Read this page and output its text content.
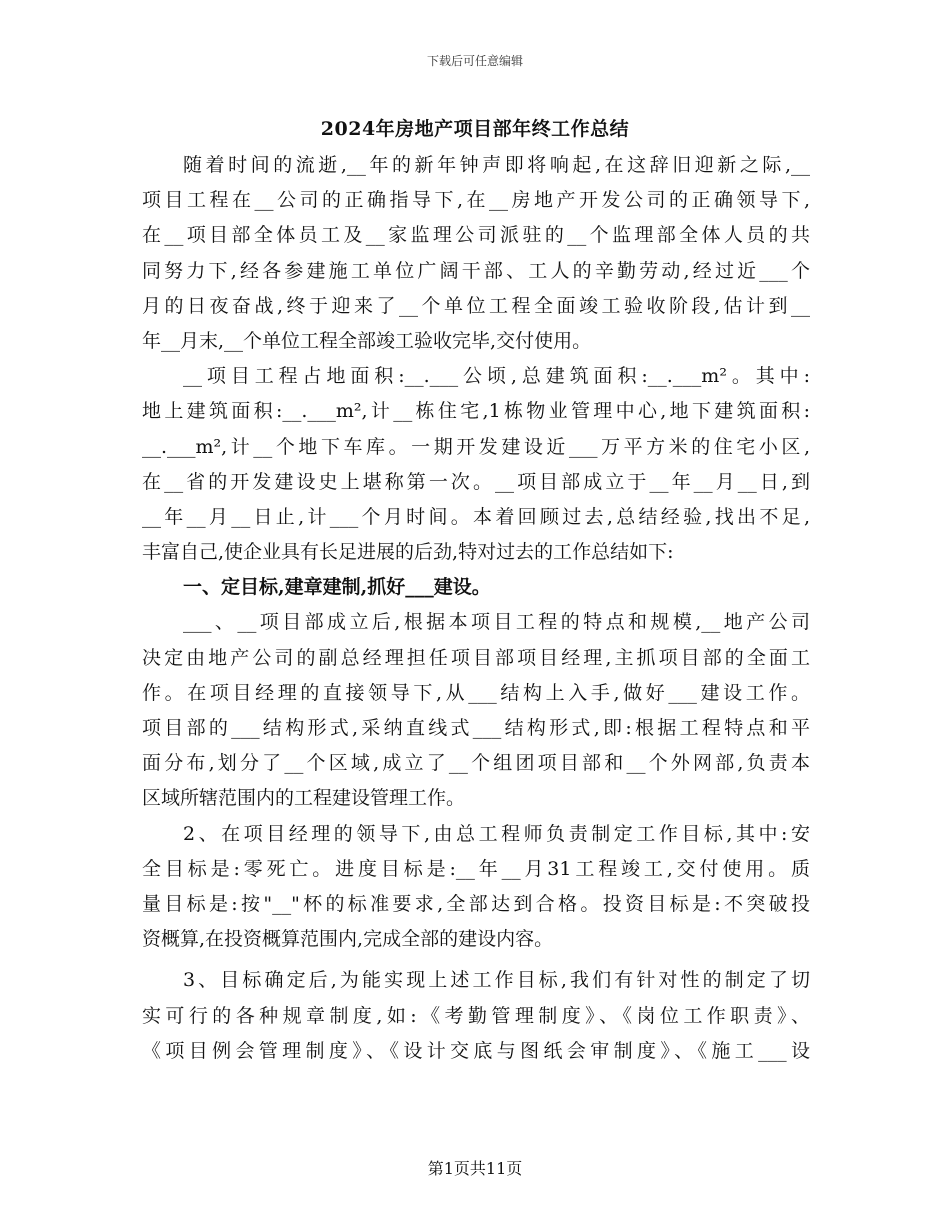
下载后可任意编辑
2024年房地产项目部年终工作总结
随着时间的流逝,__年的新年钟声即将响起,在这辞旧迎新之际,__
项目工程在__公司的正确指导下,在__房地产开发公司的正确领导下,
在__项目部全体员工及__家监理公司派驻的__个监理部全体人员的共
同努力下,经各参建施工单位广阔干部、工人的辛勤劳动,经过近___个
月的日夜奋战,终于迎来了__个单位工程全面竣工验收阶段,估计到__
年__月末,__个单位工程全部竣工验收完毕,交付使用。
__项目工程占地面积:__.___公顷,总建筑面积:__.___m²。其中:
地上建筑面积:__.___m²,计__栋住宅,1栋物业管理中心,地下建筑面积:
__.___m²,计__个地下车库。一期开发建设近___万平方米的住宅小区,
在__省的开发建设史上堪称第一次。__项目部成立于__年__月__日,到
__年__月__日止,计___个月时间。本着回顾过去,总结经验,找出不足,
丰富自己,使企业具有长足进展的后劲,特对过去的工作总结如下:
一、定目标,建章建制,抓好___建设。
___、__项目部成立后,根据本项目工程的特点和规模,__地产公司
决定由地产公司的副总经理担任项目部项目经理,主抓项目部的全面工
作。在项目经理的直接领导下,从___结构上入手,做好___建设工作。
项目部的___结构形式,采纳直线式___结构形式,即:根据工程特点和平
面分布,划分了__个区域,成立了__个组团项目部和__个外网部,负责本
区域所辖范围内的工程建设管理工作。
2、在项目经理的领导下,由总工程师负责制定工作目标,其中:安
全目标是:零死亡。进度目标是:__年__月31工程竣工,交付使用。质
量目标是:按"__"杯的标准要求,全部达到合格。投资目标是:不突破投
资概算,在投资概算范围内,完成全部的建设内容。
3、目标确定后,为能实现上述工作目标,我们有针对性的制定了切
实可行的各种规章制度,如:《考勤管理制度》、《岗位工作职责》、
《项目例会管理制度》、《设计交底与图纸会审制度》、《施工___设
第1页共11页
